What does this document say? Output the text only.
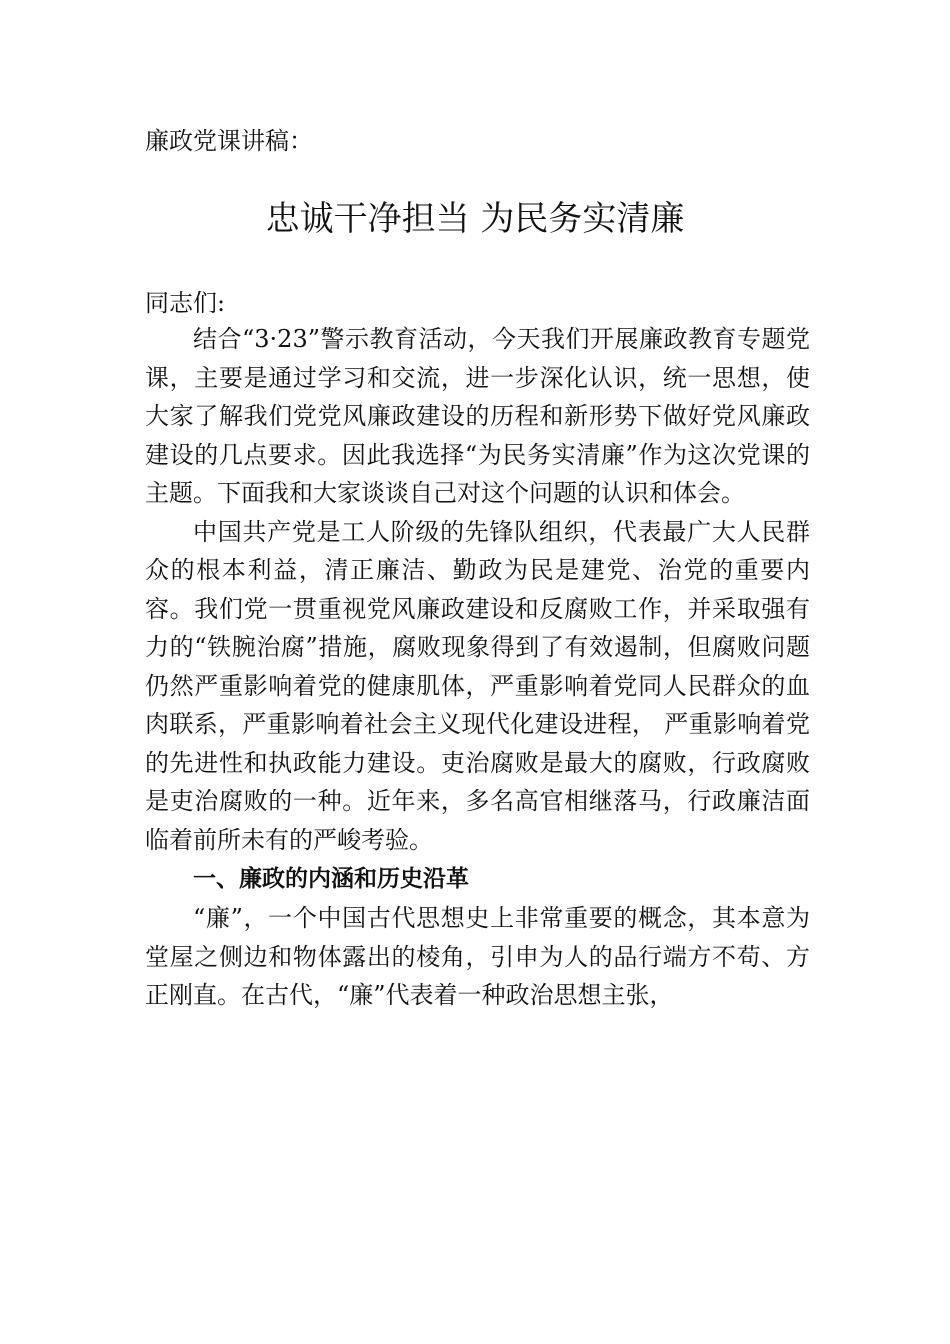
廉政党课讲稿：
忠诚干净担当 为民务实清廉
同志们:

结合“3·23”警示教育活动，今天我们开展廉政教育专题党课，主要是通过学习和交流，进一步深化认识，统一思想，使大家了解我们党党风廉政建设的历程和新形势下做好党风廉政建设的几点要求。因此我选择“为民务实清廉”作为这次党课的主题。下面我和大家谈谈自己对这个问题的认识和体会。

中国共产党是工人阶级的先锋队组织，代表最广大人民群众的根本利益，清正廉洁、勤政为民是建党、治党的重要内容。我们党一贯重视党风廉政建设和反腐败工作，并采取强有力的“铁腕治腐”措施，腐败现象得到了有效遏制，但腐败问题仍然严重影响着党的健康肌体，严重影响着党同人民群众的血肉联系，严重影响着社会主义现代化建设进程， 严重影响着党的先进性和执政能力建设。吏治腐败是最大的腐败，行政腐败是吏治腐败的一种。近年来，多名高官相继落马，行政廉洁面临着前所未有的严峻考验。

一、廉政的内涵和历史沿革

“廉”，一个中国古代思想史上非常重要的概念，其本意为堂屋之侧边和物体露出的棱角，引申为人的品行端方不苟、方正刚直。在古代，“廉”代表着一种政治思想主张，
